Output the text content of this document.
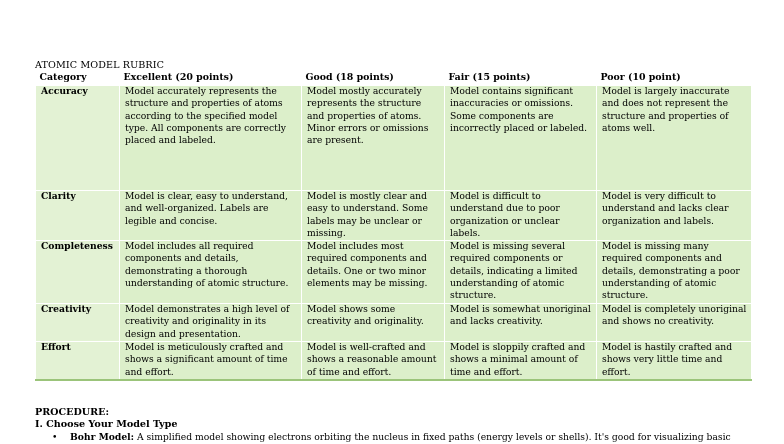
ATOMIC MODEL RUBRIC
Category	Excellent (20 points)	Good (18 points)	Fair (15 points)	Poor (10 point)
Accuracy	Model accurately represents the structure and properties of atoms according to the specified model type. All components are correctly placed and labeled.	Model mostly accurately represents the structure and properties of atoms. Minor errors or omissions are present.	Model contains significant inaccuracies or omissions. Some components are incorrectly placed or labeled.	Model is largely inaccurate and does not represent the structure and properties of atoms well.
Clarity	Model is clear, easy to understand, and well-organized. Labels are legible and concise.	Model is mostly clear and easy to understand. Some labels may be unclear or missing.	Model is difficult to understand due to poor organization or unclear labels.	Model is very difficult to understand and lacks clear organization and labels.
Completeness	Model includes all required components and details, demonstrating a thorough understanding of atomic structure.	Model includes most required components and details. One or two minor elements may be missing.	Model is missing several required components or details, indicating a limited understanding of atomic structure.	Model is missing many required components and details, demonstrating a poor understanding of atomic structure.
Creativity	Model demonstrates a high level of creativity and originality in its design and presentation.	Model shows some creativity and originality.	Model is somewhat unoriginal and lacks creativity.	Model is completely unoriginal and shows no creativity.
Effort	Model is meticulously crafted and shows a significant amount of time and effort.	Model is well-crafted and shows a reasonable amount of time and effort.	Model is sloppily crafted and shows a minimal amount of time and effort.	Model is hastily crafted and shows very little time and effort.
PROCEDURE:
I. Choose Your Model Type
• Bohr Model: A simplified model showing electrons orbiting the nucleus in fixed paths (energy levels or shells). It's good for visualizing basic
